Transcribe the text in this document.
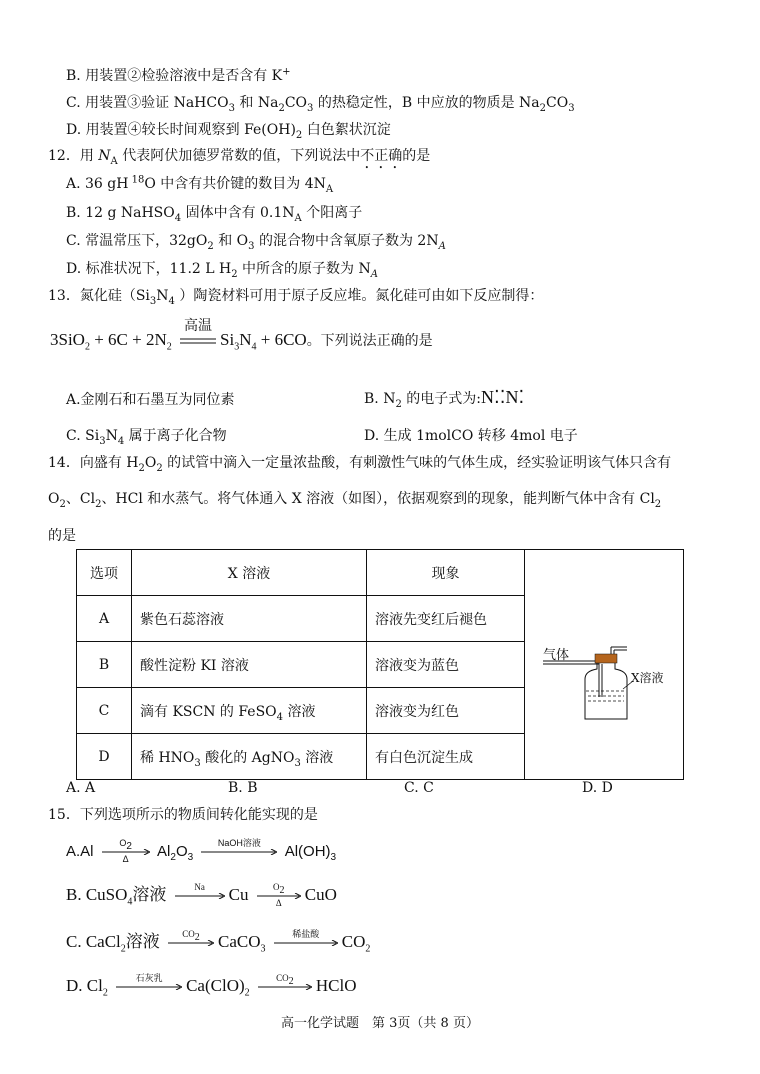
B. 用装置②检验溶液中是否含有 K+
C. 用装置③验证 NaHCO$_3$ 和 $Na_2CO_3$ 的热稳定性，B 中应放的物质是 $Na_2CO_3$
D. 用装置④较长时间观察到 $Fe(OH)_2$ 白色絮状沉淀
12．用 $N_A$ 代表阿伏加德罗常数的值，下列说法中不正确的是
A. 36 gH $^{18}$O 中含有共价键的数目为 $4N_A$
B. 12 g NaHSO$_4$ 固体中含有 $0.1N_A$ 个阳离子
C. 常温常压下，$32gO_2$ 和 $O_3$ 的混合物中含氧原子数为 $2N_A$
D. 标准状况下，11.2 L $H_2$ 中所含的原子数为 $N_A$
13．氮化硅（$Si_3N_4$ ）陶瓷材料可用于原子反应堆。氮化硅可由如下反应制得：
$3SiO_2 + 6C + 2N_2$
高温
$Si_3N_4 + 6CO$。下列说法正确的是
A.金刚石和石墨互为同位素	B. $N_2$ 的电子式为:N⁚⁚N⁚
C. $Si_3N_4$ 属于离子化合物	D. 生成 1molCO 转移 4mol 电子
14．向盛有 $H_2O_2$ 的试管中滴入一定量浓盐酸，有刺激性气味的气体生成，经实验证明该气体只含有
$O_2$、$Cl_2$、HCl 和水蒸气。将气体通入 X 溶液（如图），依据观察到的现象，能判断气体中含有 $Cl_2$
的是
选项	X 溶液	现象	气体
X溶液

A	紫色石蕊溶液	溶液先变红后褪色	
B	酸性淀粉 KI 溶液	溶液变为蓝色	
C	滴有 KSCN 的 FeSO$_4$ 溶液	溶液变为红色	
D	稀 $HNO_3$ 酸化的 AgNO$_3$ 溶液	有白色沉淀生成	
A. A	B. B	C. C	D. D
15．下列选项所示的物质间转化能实现的是
A.Al	$O_2$
Δ	$Al_2O_3$
NaOH溶液	$Al(OH)_3$
B. CuSO$_4$溶液	Na	Cu	$O_2$
Δ	CuO
C. CaCl$_2$溶液	$CO_2$	CaCO$_3$
稀盐酸	$CO_2$
D. $Cl_2$
石灰乳	$Ca(ClO)_2$
$CO_2$	HClO
高一化学试题　第 3页（共 8 页）
